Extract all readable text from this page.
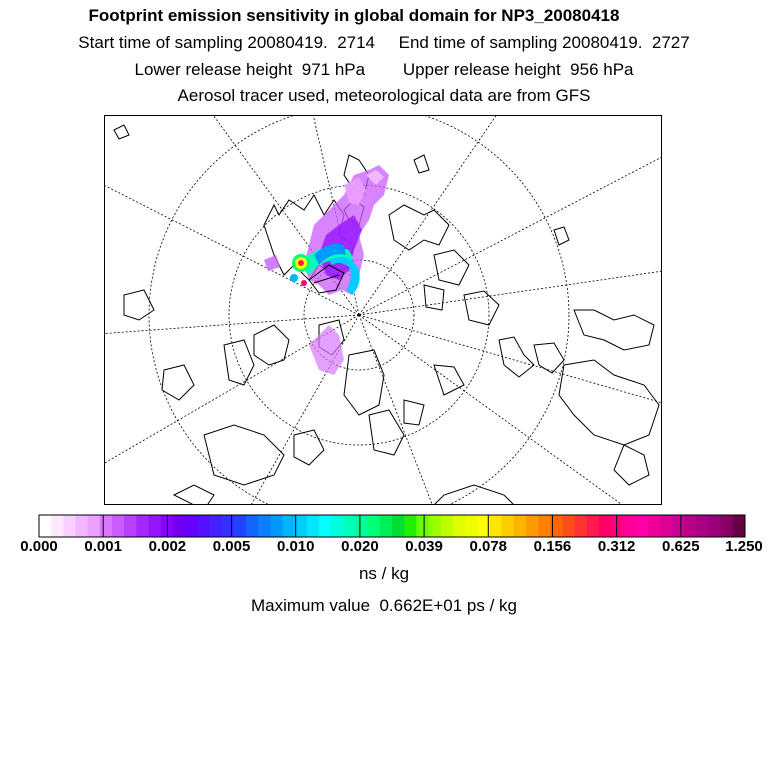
Footprint emission sensitivity in global domain for NP3_20080418
Start time of sampling 20080419.  2714     End time of sampling 20080419.  2727
Lower release height  971 hPa        Upper release height  956 hPa
Aerosol tracer used, meteorological data are from GFS
0.000 0.001 0.002 0.005 0.010 0.020 0.039 0.078 0.156 0.312 0.625 1.250
ns / kg
Maximum value  0.662E+01 ps / kg
